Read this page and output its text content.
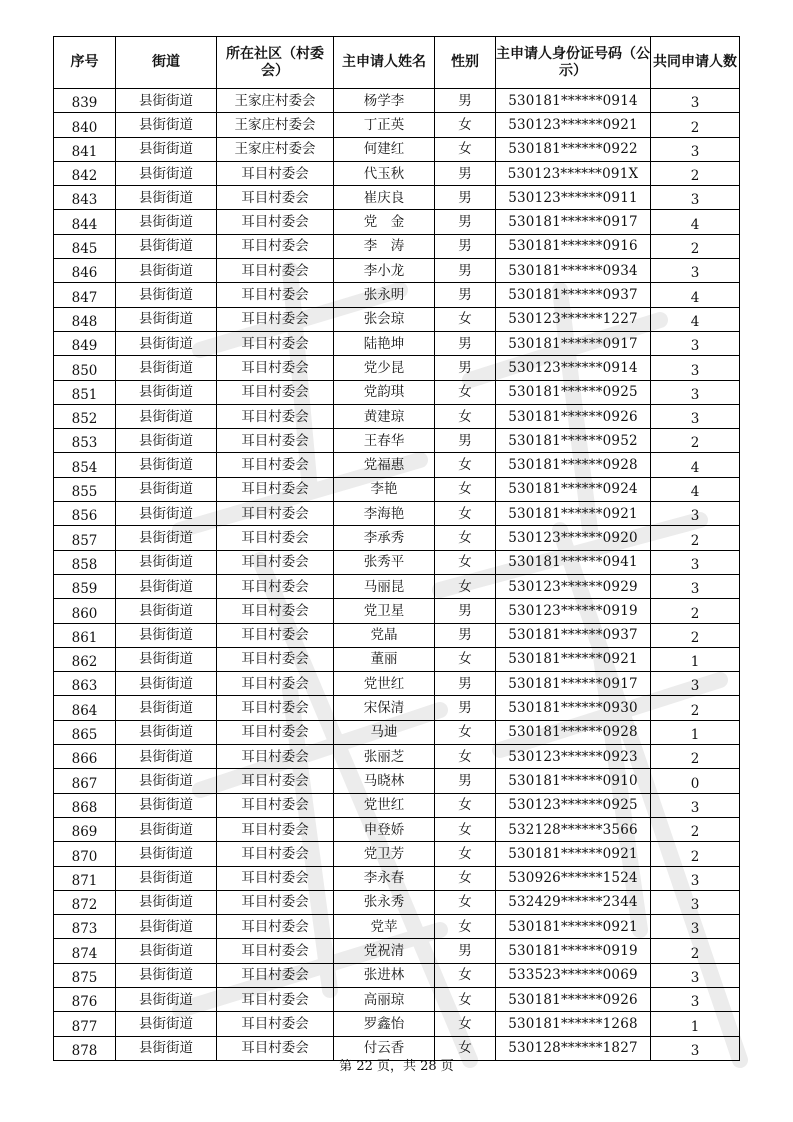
序号	街道	所在社区（村委会）	主申请人姓名	性别	主申请人身份证号码（公示）	共同申请人数
839	县街街道	王家庄村委会	杨学李	男	530181******0914	3
840	县街街道	王家庄村委会	丁正英	女	530123******0921	2
841	县街街道	王家庄村委会	何建红	女	530181******0922	3
842	县街街道	耳目村委会	代玉秋	男	530123******091X	2
843	县街街道	耳目村委会	崔庆良	男	530123******0911	3
844	县街街道	耳目村委会	党　金	男	530181******0917	4
845	县街街道	耳目村委会	李　涛	男	530181******0916	2
846	县街街道	耳目村委会	李小龙	男	530181******0934	3
847	县街街道	耳目村委会	张永明	男	530181******0937	4
848	县街街道	耳目村委会	张会琼	女	530123******1227	4
849	县街街道	耳目村委会	陆艳坤	男	530181******0917	3
850	县街街道	耳目村委会	党少昆	男	530123******0914	3
851	县街街道	耳目村委会	党韵琪	女	530181******0925	3
852	县街街道	耳目村委会	黄建琼	女	530181******0926	3
853	县街街道	耳目村委会	王春华	男	530181******0952	2
854	县街街道	耳目村委会	党福惠	女	530181******0928	4
855	县街街道	耳目村委会	李艳	女	530181******0924	4
856	县街街道	耳目村委会	李海艳	女	530181******0921	3
857	县街街道	耳目村委会	李承秀	女	530123******0920	2
858	县街街道	耳目村委会	张秀平	女	530181******0941	3
859	县街街道	耳目村委会	马丽昆	女	530123******0929	3
860	县街街道	耳目村委会	党卫星	男	530123******0919	2
861	县街街道	耳目村委会	党晶	男	530181******0937	2
862	县街街道	耳目村委会	董丽	女	530181******0921	1
863	县街街道	耳目村委会	党世红	男	530181******0917	3
864	县街街道	耳目村委会	宋保清	男	530181******0930	2
865	县街街道	耳目村委会	马迪	女	530181******0928	1
866	县街街道	耳目村委会	张丽芝	女	530123******0923	2
867	县街街道	耳目村委会	马晓林	男	530181******0910	0
868	县街街道	耳目村委会	党世红	女	530123******0925	3
869	县街街道	耳目村委会	申登娇	女	532128******3566	2
870	县街街道	耳目村委会	党卫芳	女	530181******0921	2
871	县街街道	耳目村委会	李永春	女	530926******1524	3
872	县街街道	耳目村委会	张永秀	女	532429******2344	3
873	县街街道	耳目村委会	党苹	女	530181******0921	3
874	县街街道	耳目村委会	党祝清	男	530181******0919	2
875	县街街道	耳目村委会	张进林	女	533523******0069	3
876	县街街道	耳目村委会	高丽琼	女	530181******0926	3
877	县街街道	耳目村委会	罗鑫怡	女	530181******1268	1
878	县街街道	耳目村委会	付云香	女	530128******1827	3
第 22 页，共 28 页
